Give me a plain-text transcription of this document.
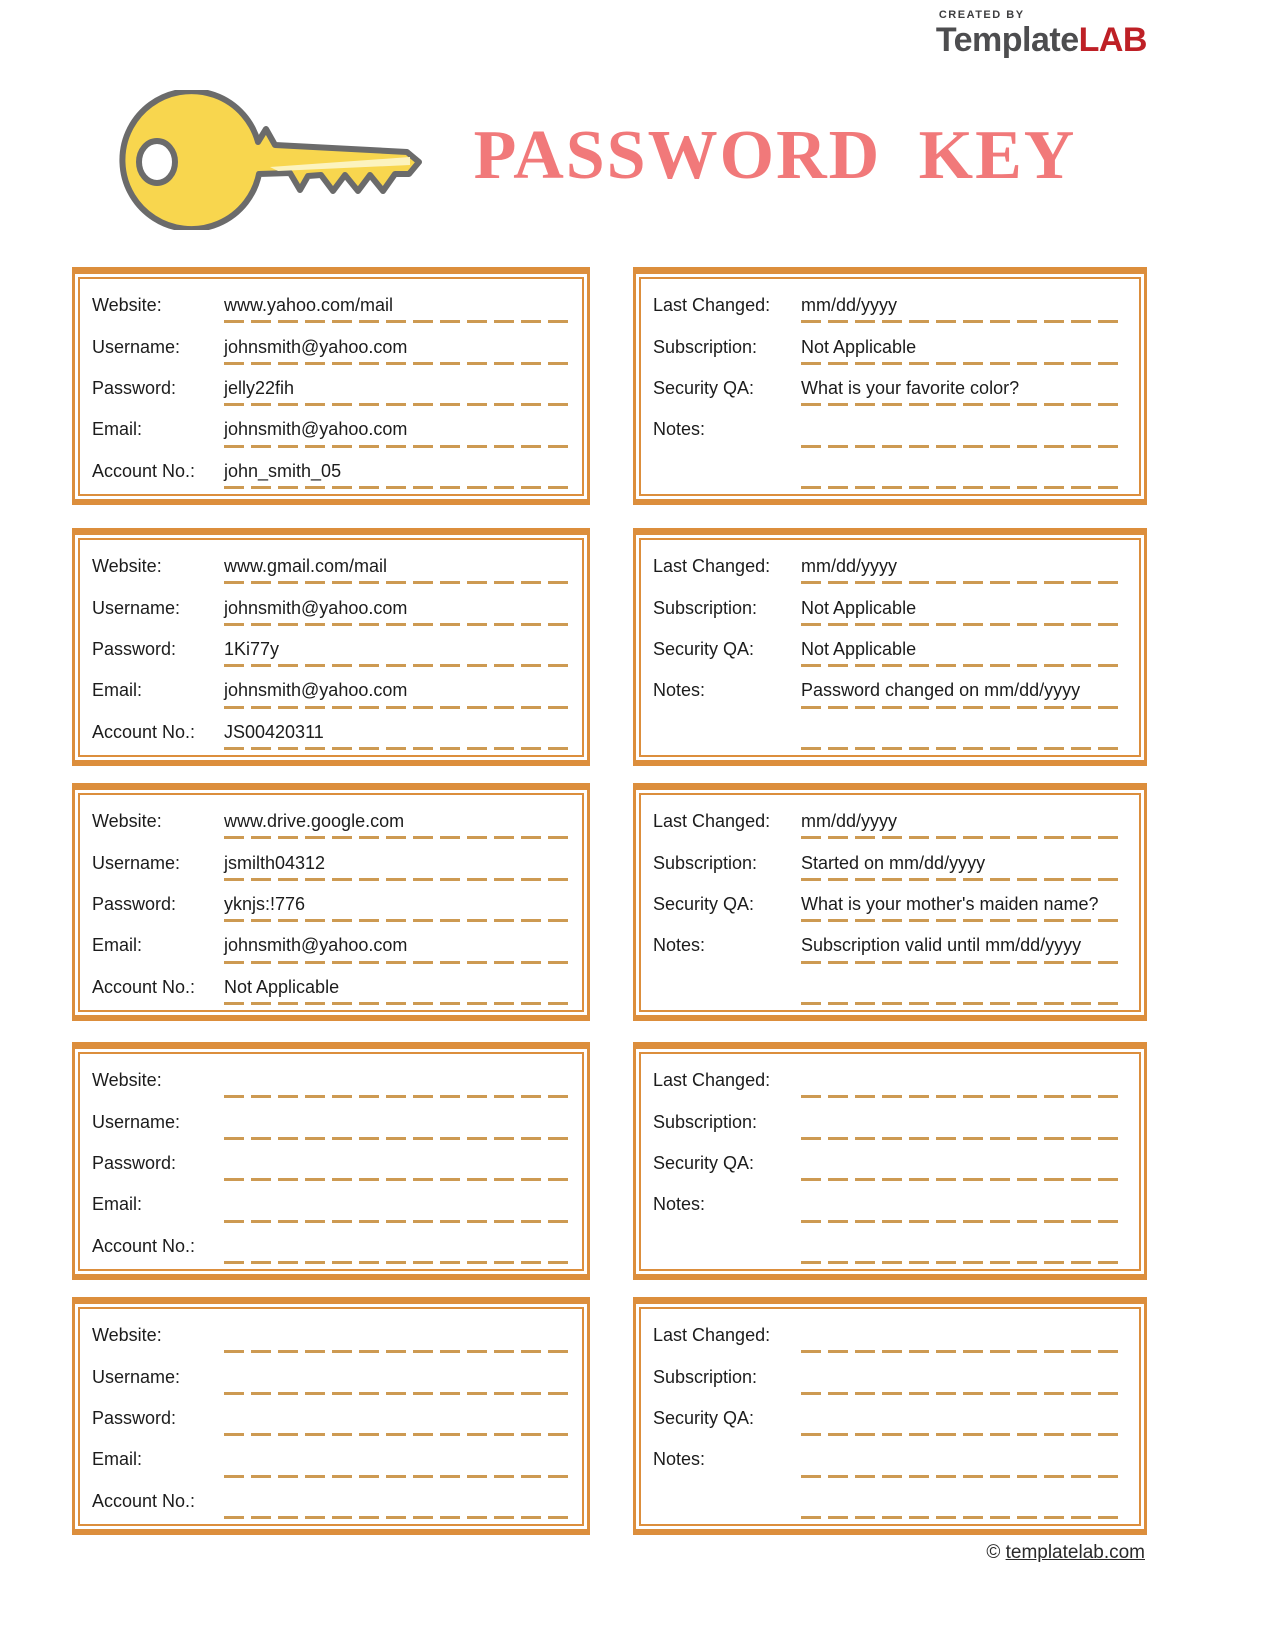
CREATED BY
TemplateLAB
PASSWORD KEY
Website:	www.yahoo.com/mail
Username:	johnsmith@yahoo.com
Password:	jelly22fih
Email:	johnsmith@yahoo.com
Account No.:	john_smith_05
Last Changed:	mm/dd/yyyy
Subscription:	Not Applicable
Security QA:	What is your favorite color?
Notes:
Website:	www.gmail.com/mail
Username:	johnsmith@yahoo.com
Password:	1Ki77y
Email:	johnsmith@yahoo.com
Account No.:	JS00420311
Last Changed:	mm/dd/yyyy
Subscription:	Not Applicable
Security QA:	Not Applicable
Notes:	Password changed on mm/dd/yyyy
Website:	www.drive.google.com
Username:	jsmilth04312
Password:	yknjs:!776
Email:	johnsmith@yahoo.com
Account No.:	Not Applicable
Last Changed:	mm/dd/yyyy
Subscription:	Started on mm/dd/yyyy
Security QA:	What is your mother's maiden name?
Notes:	Subscription valid until mm/dd/yyyy
Website:
Username:
Password:
Email:
Account No.:
Last Changed:
Subscription:
Security QA:
Notes:
Website:
Username:
Password:
Email:
Account No.:
Last Changed:
Subscription:
Security QA:
Notes:
© templatelab.com
